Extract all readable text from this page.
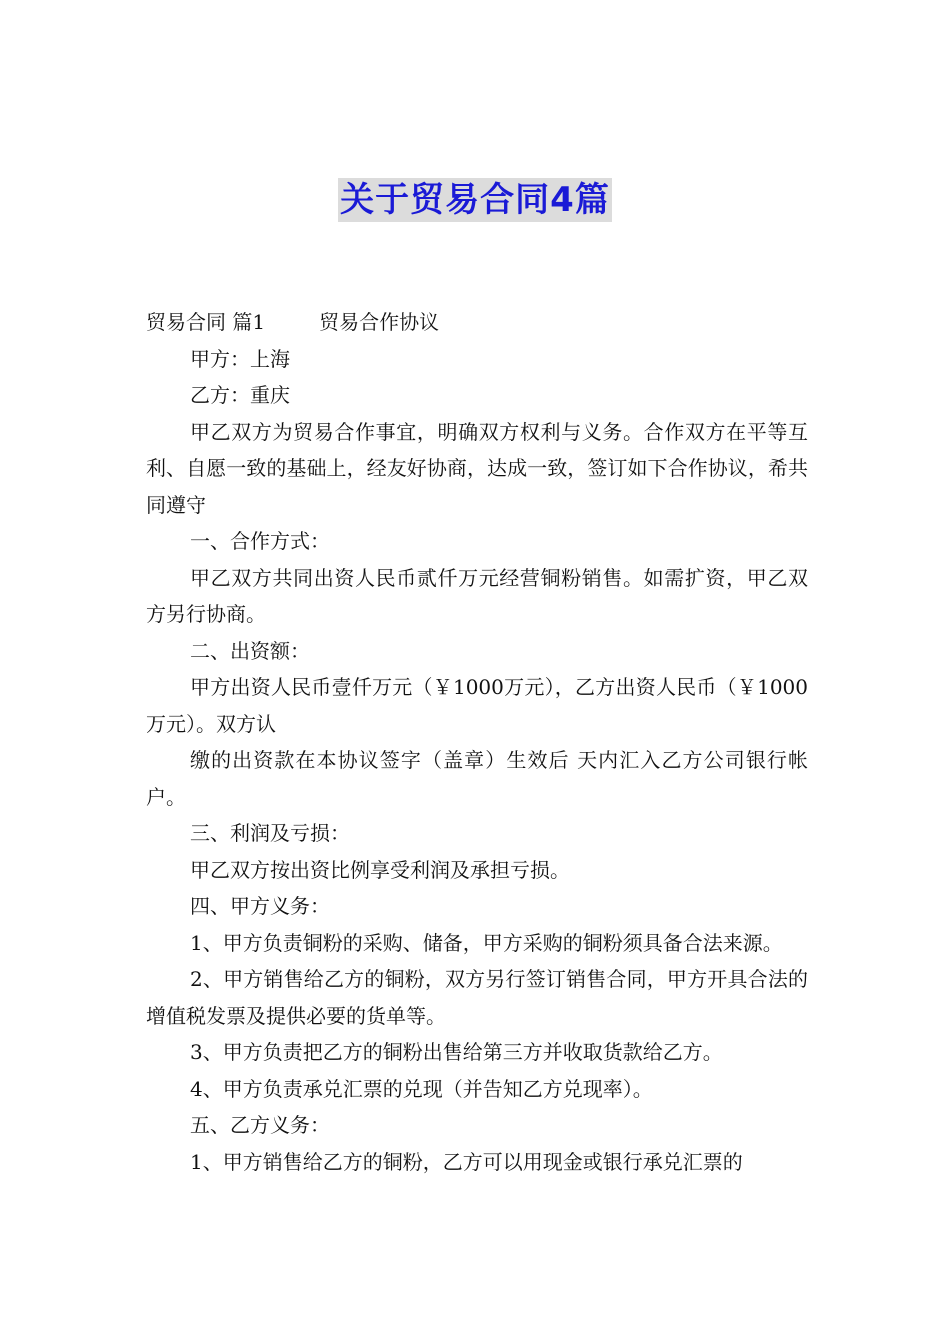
关于贸易合同4篇
贸易合同 篇1	贸易合作协议
甲方：上海
乙方：重庆

甲乙双方为贸易合作事宜，明确双方权利与义务。合作双方在平等互利、自愿一致的基础上，经友好协商，达成一致，签订如下合作协议，希共同遵守

一、合作方式：

甲乙双方共同出资人民币贰仟万元经营铜粉销售。如需扩资，甲乙双方另行协商。

二、出资额：

甲方出资人民币壹仟万元（￥1000万元），乙方出资人民币（￥1000万元）。双方认

缴的出资款在本协议签字（盖章）生效后 天内汇入乙方公司银行帐户。

三、利润及亏损：

甲乙双方按出资比例享受利润及承担亏损。

四、甲方义务：

1、甲方负责铜粉的采购、储备，甲方采购的铜粉须具备合法来源。

2、甲方销售给乙方的铜粉，双方另行签订销售合同，甲方开具合法的增值税发票及提供必要的货单等。

3、甲方负责把乙方的铜粉出售给第三方并收取货款给乙方。

4、甲方负责承兑汇票的兑现（并告知乙方兑现率）。

五、乙方义务：

1、甲方销售给乙方的铜粉，乙方可以用现金或银行承兑汇票的
